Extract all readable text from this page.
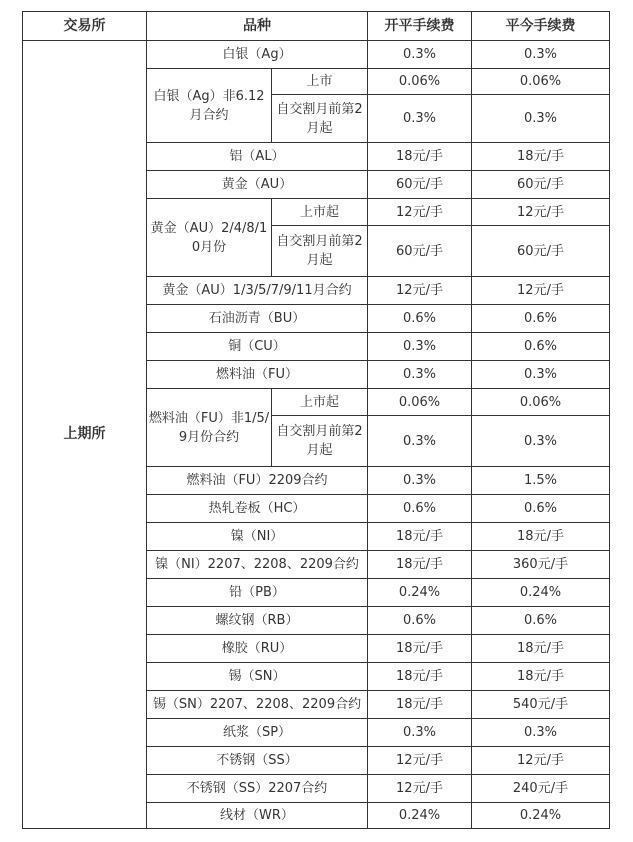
交易所	品种		开平手续费	平今手续费
上期所	白银（Ag）		0.3%	0.3%
	白银（Ag）非6.12月合约	上市	0.06%	0.06%
		自交割月前第2月起	0.3%	0.3%
	铝（AL）		18元/手	18元/手
	黄金（AU）		60元/手	60元/手
	黄金（AU）2/4/8/10月份	上市起	12元/手	12元/手
		自交割月前第2月起	60元/手	60元/手
	黄金（AU）1/3/5/7/9/11月合约		12元/手	12元/手
	石油沥青（BU）		0.6%	0.6%
	铜（CU）		0.3%	0.6%
	燃料油（FU）		0.3%	0.3%
	燃料油（FU）非1/5/9月份合约	上市起	0.06%	0.06%
		自交割月前第2月起	0.3%	0.3%
	燃料油（FU）2209合约		0.3%	1.5%
	热轧卷板（HC）		0.6%	0.6%
	镍（NI）		18元/手	18元/手
	镍（NI）2207、2208、2209合约		18元/手	360元/手
	铅（PB）		0.24%	0.24%
	螺纹钢（RB）		0.6%	0.6%
	橡胶（RU）		18元/手	18元/手
	锡（SN）		18元/手	18元/手
	锡（SN）2207、2208、2209合约		18元/手	540元/手
	纸浆（SP）		0.3%	0.3%
	不锈钢（SS）		12元/手	12元/手
	不锈钢（SS）2207合约		12元/手	240元/手
	线材（WR）		0.24%	0.24%
